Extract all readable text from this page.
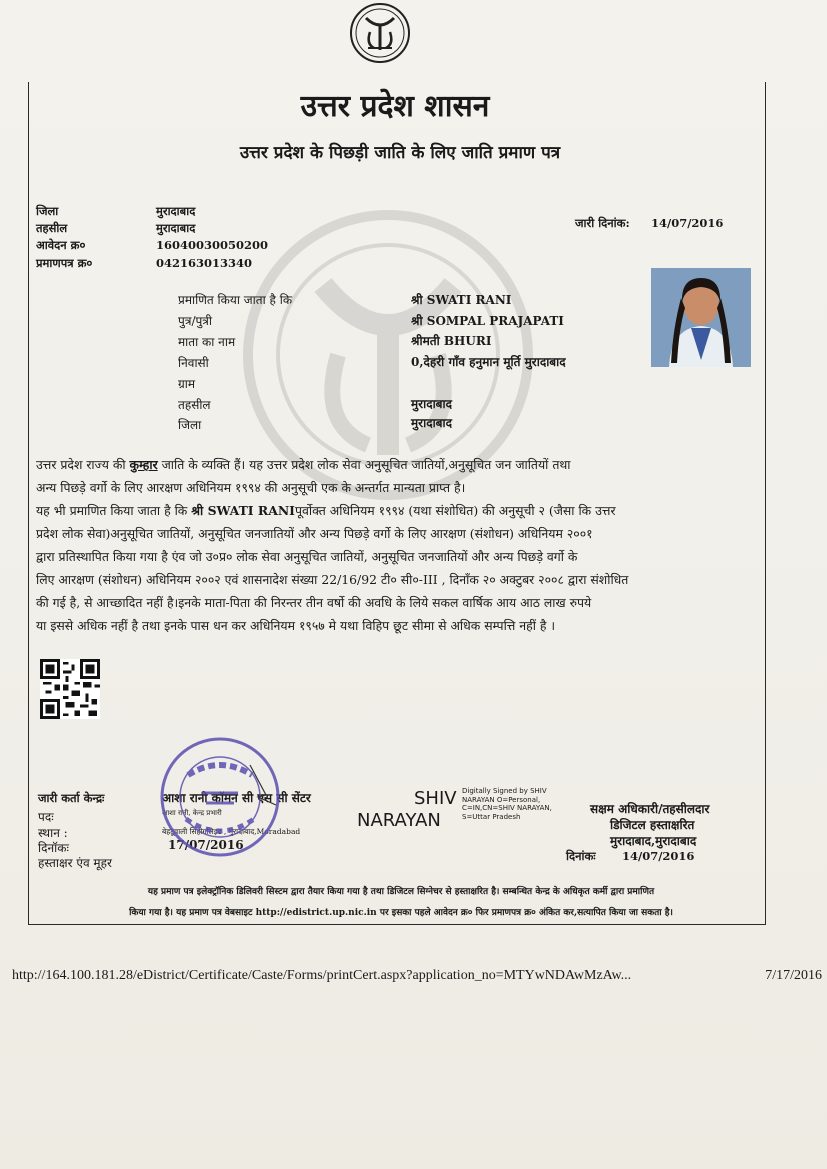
उत्तर प्रदेश शासन
उत्तर प्रदेश के पिछड़ी जाति के लिए जाति प्रमाण पत्र
जिला	मुरादाबाद
तहसील	मुरादाबाद
आवेदन क्र०	16040030050200
प्रमाणपत्र क्र०	042163013340
जारी दिनांक: 14/07/2016
प्रमाणित किया जाता है कि	श्री SWATI RANI
पुत्र/पुत्री	श्री SOMPAL PRAJAPATI
माता का नाम	श्रीमती BHURI
निवासी	0,देहरी गाँव हनुमान मूर्ति मुरादाबाद
ग्राम
तहसील	मुरादाबाद
जिला	मुरादाबाद
उत्तर प्रदेश राज्य की कुम्हार जाति के व्यक्ति हैं। यह उत्तर प्रदेश लोक सेवा अनुसूचित जातियों,अनुसूचित जन जातियों तथा
अन्य पिछड़े वर्गो के लिए आरक्षण अधिनियम १९९४ की अनुसूची एक के अन्तर्गत मान्यता प्राप्त है।
यह भी प्रमाणित किया जाता है कि श्री SWATI RANIपूर्वोक्त अधिनियम १९९४ (यथा संशोधित) की अनुसूची २ (जैसा कि उत्तर
प्रदेश लोक सेवा)अनुसूचित जातियों, अनुसूचित जनजातियों और अन्य पिछड़े वर्गो के लिए आरक्षण (संशोधन) अधिनियम २००१
द्वारा प्रतिस्थापित किया गया है एंव जो उ०प्र० लोक सेवा अनुसूचित जातियों, अनुसूचित जनजातियों और अन्य पिछड़े वर्गो के
लिए आरक्षण (संशोधन) अधिनियम २००२ एवं शासनादेश संख्या 22/16/92 टी० सी०-III , दिनाँक २० अक्टुबर २००८ द्वारा संशोधित
की गई है, से आच्छादित नहीं है।इनके माता-पिता की निरन्तर तीन वर्षो की अवधि के लिये सकल वार्षिक आय आठ लाख रुपये
या इससे अधिक नहीं है तथा इनके पास धन कर अधिनियम १९५७ मे यथा विहिप छूट सीमा से अधिक सम्पत्ति नहीं है ।
जारी कर्ता केन्द्रः	आशा रानी कॉमन सी एस सी सेंटर
पदः	आशा रानी, केन्द्र प्रभारी
स्थान :	बेहटूवाली सिंहोगलिइड , मुरादाबाद,Moradabad
दिनॉकः	17/07/2016
हस्ताक्षर एंव मूहर
SHIV
NARAYAN
Digitally Signed by SHIV
NARAYAN O=Personal,
C=IN,CN=SHIV NARAYAN,
S=Uttar Pradesh
सक्षम अधिकारी/तहसीलदार
डिजिटल हस्ताक्षरित
मुरादाबाद,मुरादाबाद
दिनांकः 14/07/2016
यह प्रमाण पत्र इलेक्ट्रॉनिक डिलिवरी सिस्टम द्वारा तैयार किया गया है तथा डिजिटल सिग्नेचर से हस्ताक्षरित है। सम्बन्धित केन्द्र के अधिकृत कर्मी द्वारा प्रमाणित
किया गया है। यह प्रमाण पत्र वेबसाइट http://edistrict.up.nic.in पर इसका पहले आवेदन क्र० फिर प्रमाणपत्र क्र० अंकित कर,सत्यापित किया जा सकता है।
http://164.100.181.28/eDistrict/Certificate/Caste/Forms/printCert.aspx?application_no=MTYwNDAwMzAw...	7/17/2016
